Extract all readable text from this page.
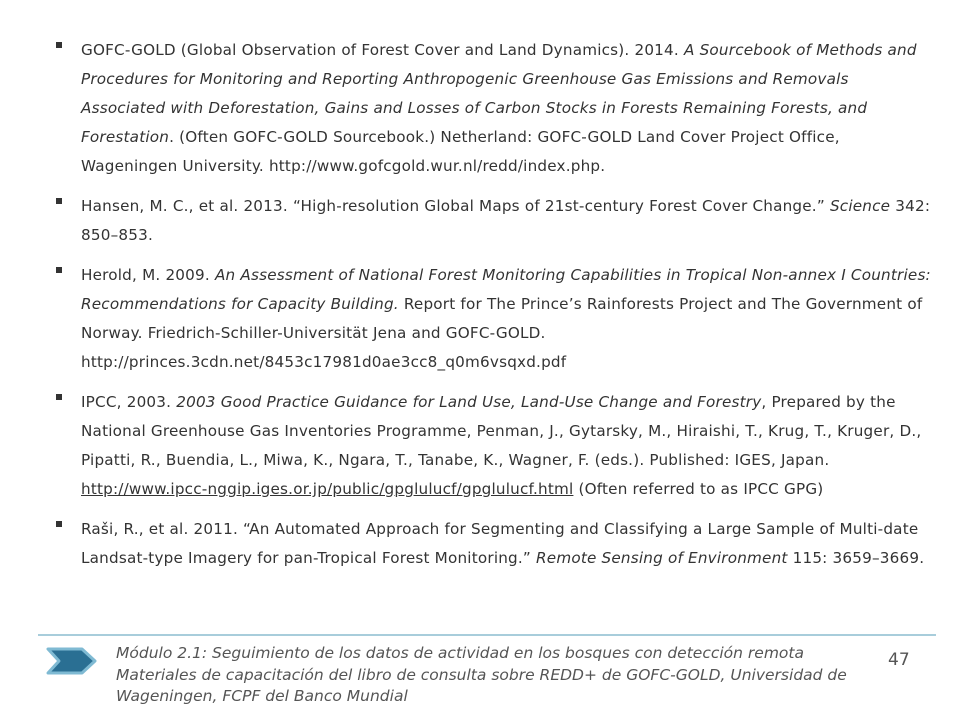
GOFC-GOLD (Global Observation of Forest Cover and Land Dynamics). 2014. A Sourcebook of Methods and Procedures for Monitoring and Reporting Anthropogenic Greenhouse Gas Emissions and Removals Associated with Deforestation, Gains and Losses of Carbon Stocks in Forests Remaining Forests, and Forestation. (Often GOFC-GOLD Sourcebook.) Netherland: GOFC-GOLD Land Cover Project Office, Wageningen University. http://www.gofcgold.wur.nl/redd/index.php.
Hansen, M. C., et al. 2013. “High-resolution Global Maps of 21st-century Forest Cover Change.” Science 342: 850–853.
Herold, M. 2009. An Assessment of National Forest Monitoring Capabilities in Tropical Non-annex I Countries: Recommendations for Capacity Building. Report for The Prince’s Rainforests Project and The Government of Norway. Friedrich-Schiller-Universität Jena and GOFC-GOLD. http://princes.3cdn.net/8453c17981d0ae3cc8_q0m6vsqxd.pdf
IPCC, 2003. 2003 Good Practice Guidance for Land Use, Land-Use Change and Forestry, Prepared by the National Greenhouse Gas Inventories Programme, Penman, J., Gytarsky, M., Hiraishi, T., Krug, T., Kruger, D., Pipatti, R., Buendia, L., Miwa, K., Ngara, T., Tanabe, K., Wagner, F. (eds.). Published: IGES, Japan. http://www.ipcc-nggip.iges.or.jp/public/gpglulucf/gpglulucf.html (Often referred to as IPCC GPG)
Raši, R., et al. 2011. “An Automated Approach for Segmenting and Classifying a Large Sample of Multi-date Landsat-type Imagery for pan-Tropical Forest Monitoring.” Remote Sensing of Environment 115: 3659–3669.
Módulo 2.1: Seguimiento de los datos de actividad en los bosques con detección remota
Materiales de capacitación del libro de consulta sobre REDD+ de GOFC-GOLD, Universidad de Wageningen, FCPF del Banco Mundial
47
